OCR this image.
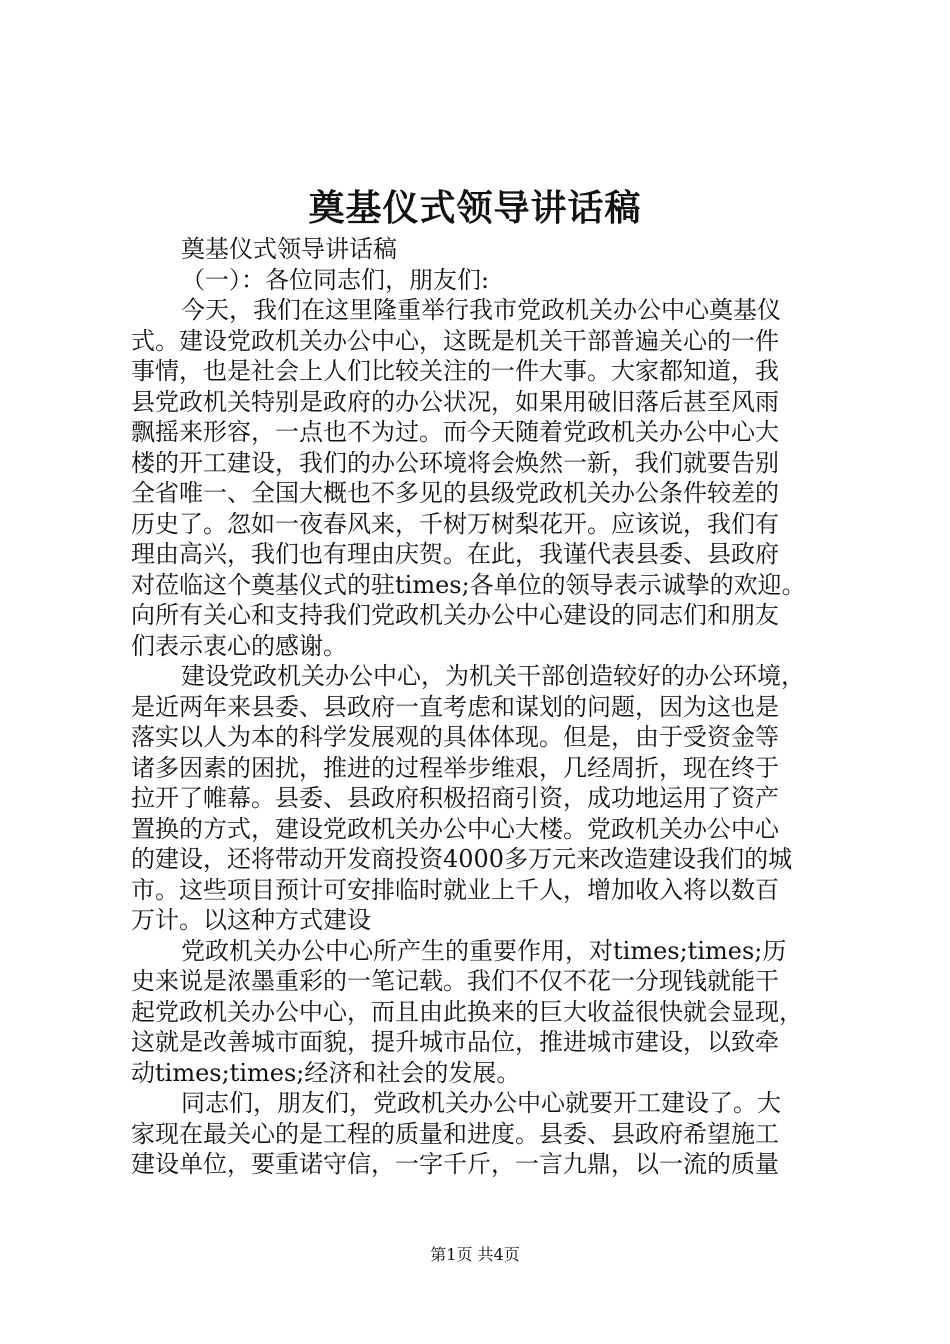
奠基仪式领导讲话稿
奠基仪式领导讲话稿
（一）：各位同志们，朋友们:
今天，我们在这里隆重举行我市党政机关办公中心奠基仪
式。建设党政机关办公中心，这既是机关干部普遍关心的一件
事情，也是社会上人们比较关注的一件大事。大家都知道，我
县党政机关特别是政府的办公状况，如果用破旧落后甚至风雨
飘摇来形容，一点也不为过。而今天随着党政机关办公中心大
楼的开工建设，我们的办公环境将会焕然一新，我们就要告别
全省唯一、全国大概也不多见的县级党政机关办公条件较差的
历史了。忽如一夜春风来，千树万树梨花开。应该说，我们有
理由高兴，我们也有理由庆贺。在此，我谨代表县委、县政府
对莅临这个奠基仪式的驻times;各单位的领导表示诚挚的欢迎。
向所有关心和支持我们党政机关办公中心建设的同志们和朋友
们表示衷心的感谢。
建设党政机关办公中心，为机关干部创造较好的办公环境，
是近两年来县委、县政府一直考虑和谋划的问题，因为这也是
落实以人为本的科学发展观的具体体现。但是，由于受资金等
诸多因素的困扰，推进的过程举步维艰，几经周折，现在终于
拉开了帷幕。县委、县政府积极招商引资，成功地运用了资产
置换的方式，建设党政机关办公中心大楼。党政机关办公中心
的建设，还将带动开发商投资4000多万元来改造建设我们的城
市。这些项目预计可安排临时就业上千人，增加收入将以数百
万计。以这种方式建设
党政机关办公中心所产生的重要作用，对times;times;历
史来说是浓墨重彩的一笔记载。我们不仅不花一分现钱就能干
起党政机关办公中心，而且由此换来的巨大收益很快就会显现，
这就是改善城市面貌，提升城市品位，推进城市建设，以致牵
动times;times;经济和社会的发展。
同志们，朋友们，党政机关办公中心就要开工建设了。大
家现在最关心的是工程的质量和进度。县委、县政府希望施工
建设单位，要重诺守信，一字千斤，一言九鼎，以一流的质量
第1页 共4页
